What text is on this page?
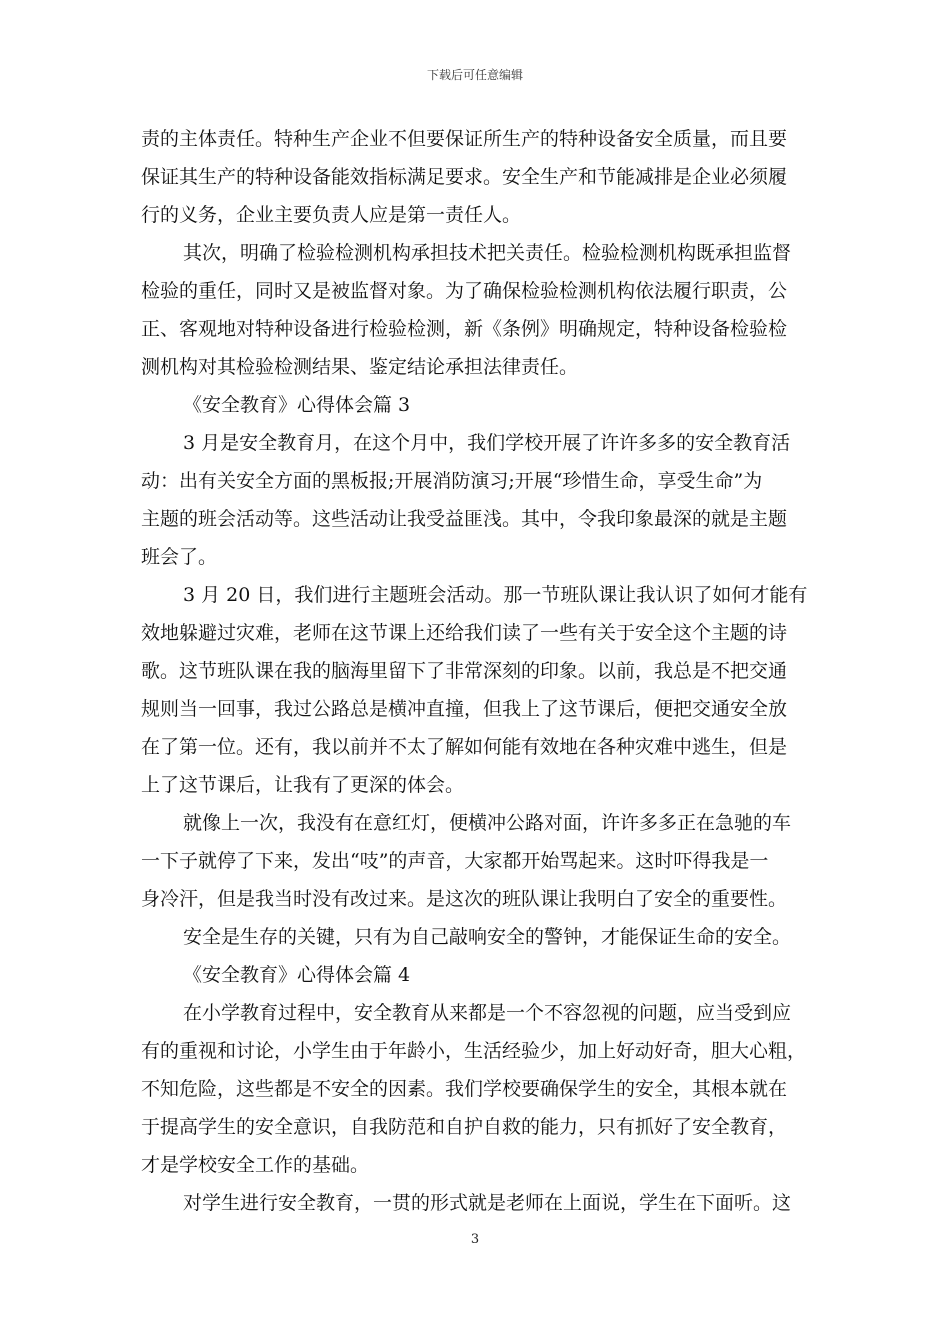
下载后可任意编辑
责的主体责任。特种生产企业不但要保证所生产的特种设备安全质量，而且要
保证其生产的特种设备能效指标满足要求。安全生产和节能减排是企业必须履
行的义务，企业主要负责人应是第一责任人。
其次，明确了检验检测机构承担技术把关责任。检验检测机构既承担监督
检验的重任，同时又是被监督对象。为了确保检验检测机构依法履行职责，公
正、客观地对特种设备进行检验检测，新《条例》明确规定，特种设备检验检
测机构对其检验检测结果、鉴定结论承担法律责任。
《安全教育》心得体会篇 3
3 月是安全教育月，在这个月中，我们学校开展了许许多多的安全教育活
动：出有关安全方面的黑板报;开展消防演习;开展“珍惜生命，享受生命”为
主题的班会活动等。这些活动让我受益匪浅。其中，令我印象最深的就是主题
班会了。
3 月 20 日，我们进行主题班会活动。那一节班队课让我认识了如何才能有
效地躲避过灾难，老师在这节课上还给我们读了一些有关于安全这个主题的诗
歌。这节班队课在我的脑海里留下了非常深刻的印象。以前，我总是不把交通
规则当一回事，我过公路总是横冲直撞，但我上了这节课后，便把交通安全放
在了第一位。还有，我以前并不太了解如何能有效地在各种灾难中逃生，但是
上了这节课后，让我有了更深的体会。
就像上一次，我没有在意红灯，便横冲公路对面，许许多多正在急驰的车
一下子就停了下来，发出“吱”的声音，大家都开始骂起来。这时吓得我是一
身冷汗，但是我当时没有改过来。是这次的班队课让我明白了安全的重要性。
安全是生存的关键，只有为自己敲响安全的警钟，才能保证生命的安全。
《安全教育》心得体会篇 4
在小学教育过程中，安全教育从来都是一个不容忽视的问题，应当受到应
有的重视和讨论，小学生由于年龄小，生活经验少，加上好动好奇，胆大心粗，
不知危险，这些都是不安全的因素。我们学校要确保学生的安全，其根本就在
于提高学生的安全意识，自我防范和自护自救的能力，只有抓好了安全教育，
才是学校安全工作的基础。
对学生进行安全教育，一贯的形式就是老师在上面说，学生在下面听。这
3
